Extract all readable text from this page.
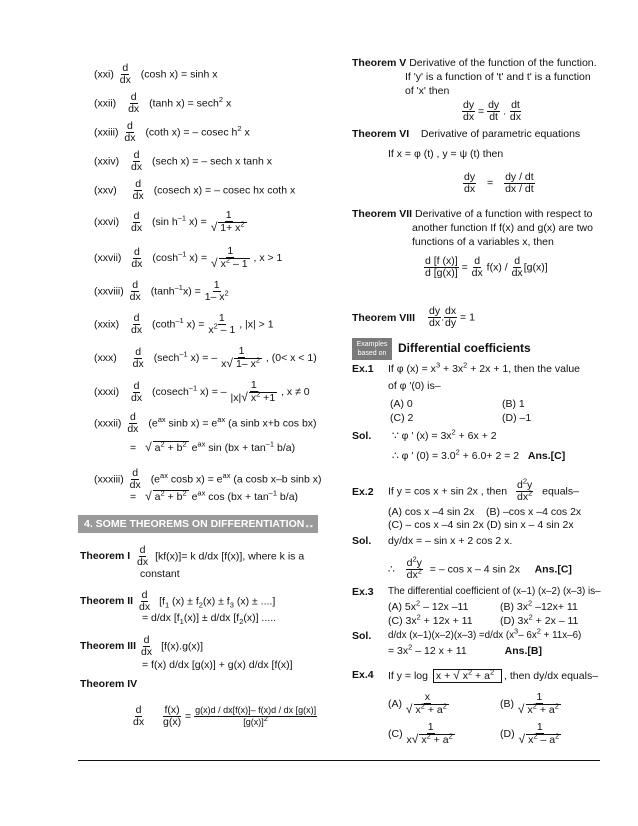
$(xxi) \frac{d}{dx} (\cosh$ x) = sinh x
(xxii) $\frac{d}{dx} (\tanh$ x) = sech$^2$ x
(xxiii) $\frac{d}{dx} (\cot h$ x) = – cosec $h^2$ x
(xxiv) $\frac{d}{dx} (\sec h$ x) = – sech x tanh x
$(xxv) \frac{d}{dx} (cosech$ x) = – cosec hx coth x
(xxvi) $\frac{d}{dx} (\sin$ $h^{-1}$ $x) = \frac{1}{√ 1+ x^2}$
(xxvii) $\frac{d}{dx} (\cosh^{-1}$ $x) = \frac{1}{√ x^2 - 1}$ , x > 1
(xxviii) $\frac{d}{dx} (\tanh^{-1}x) = \frac{1}{1- x^2}$
(xxix) $\frac{d}{dx} (\cot h^{-1}$ $x) = \frac{1}{x^2 - 1}$ , |x| > 1
$(xxx) \frac{d}{dx} (\sec h^{-1}$ x) = – $\frac{1}{x√ 1- x^2}$ , (0< x < 1)
(xxxi) $\frac{d}{dx} (cosech^{-1}$ x) = – $\frac{1}{|x|√ x^2 +1}$ , x ≠ 0
(xxxii) $\frac{d}{dx} (e^{ax}$ sinb $x) = e^{ax}$ (a sinb x+b cos bx)
= √ $a^2 + b^2$ $e^{ax}$ $\sin (bx + \tan^{-1} b/a)$
(xxxiii) $\frac{d}{dx} (e^{ax}$ cosb $x) = e^{ax}$ (a cosb x–b sinb x)
= √ $a^2 + b^2$ $e^{ax}$ $\cos (bx + \tan^{-1} b/a)$
4. SOME THEOREMS ON DIFFERENTIATION ▪▪
Theorem I $\frac{d}{dx} [kf(x)]= k$ d/dx [f(x)], where k is a
constant
Theorem II $\frac{d}{dx} [f_1$ $(x) \pm f_2(x) \pm f_3$ (x) ± ....]
= d/dx $[f_1(x)] \pm d/dx$ $[f_2(x)]$ .....
Theorem III $\frac{d}{dx} [f(x).g(x)]$
= f(x) d/dx [g(x)] + g(x) d/dx [f(x)]
Theorem IV
$\frac{d}{dx}$
$\frac{f(x)}{g(x)} = \frac{g(x)d / dx[f(x)]- f(x)d / dx [g(x)]}{[g(x)]^2}$
Theorem V Derivative of the function of the function.
If 'y' is a function of 't' and t' is a function
of 'x' then
$\frac{dy}{dx} = \frac{dy}{dt}$ . $\frac{dt}{dx}$
Theorem VI Derivative of parametric equations
If x = φ (t) , y = ψ (t) then
$\frac{dy}{dx} = \frac{dy / dt}{dx / dt}$
Theorem VII Derivative of a function with respect to
another function If f(x) and g(x) are two
functions of a variables x, then
$\frac{d [f (x)]}{d [g(x)]} = \frac{d}{dx} f(x) / \frac{d}{dx} [g(x)]$
Theorem VIII $\frac{dy}{dx}$ . $\frac{dx}{dy} = 1$
Examples
based on Differential coefficients
Ex.1 If φ $(x) = x^3 + 3x^2 + 2x + 1$, then the value
of φ '(0) is–
(A) 0	(B) 1
(C) 2	(D) –1
Sol. ∵ φ ' $(x) = 3x^2 + 6x + 2$
∴ φ ' $(0) = 3.0^2 + 6.0+ 2 = 2$ Ans.[C]
Ex.2 If y = cos x + sin 2x , then $\frac{d^2y}{dx^2}$ equals–
(A) cos x –4 sin 2x (B) –cos x –4 cos 2x
(C) – cos x –4 sin 2x (D) sin x – 4 sin 2x
Sol. dy/dx = – sin x + 2 cos 2 x.
∴ $\frac{d^2y}{dx^2}$ = – cos x – 4 sin 2x Ans.[C]
Ex.3 The differential coefficient of (x–1) (x–2) (x–3) is–
(A) $5x^2 - 12x$ –11	(B) $3x^2$ –12x+ 11
(C) $3x^2 + 12x + 11$	(D) $3x^2 + 2x - 11$
Sol. d/dx (x–1)(x–2)(x–3) =d/dx ($x^3-$ $6x^2 + 11x-6$)
= $3x^2 - 12$ x + 11	Ans.[B]
Ex.4 If y = log x + √ $x^2 + a^2$ , then dy/dx equals–
$(A) \frac{x}{√ x^2 + a^2}$	$(B) \frac{1}{√ x^2 + a^2}$
$(C) \frac{1}{x√ x^2 + a^2}$	$(D) \frac{1}{√ x^2 - a^2}$
